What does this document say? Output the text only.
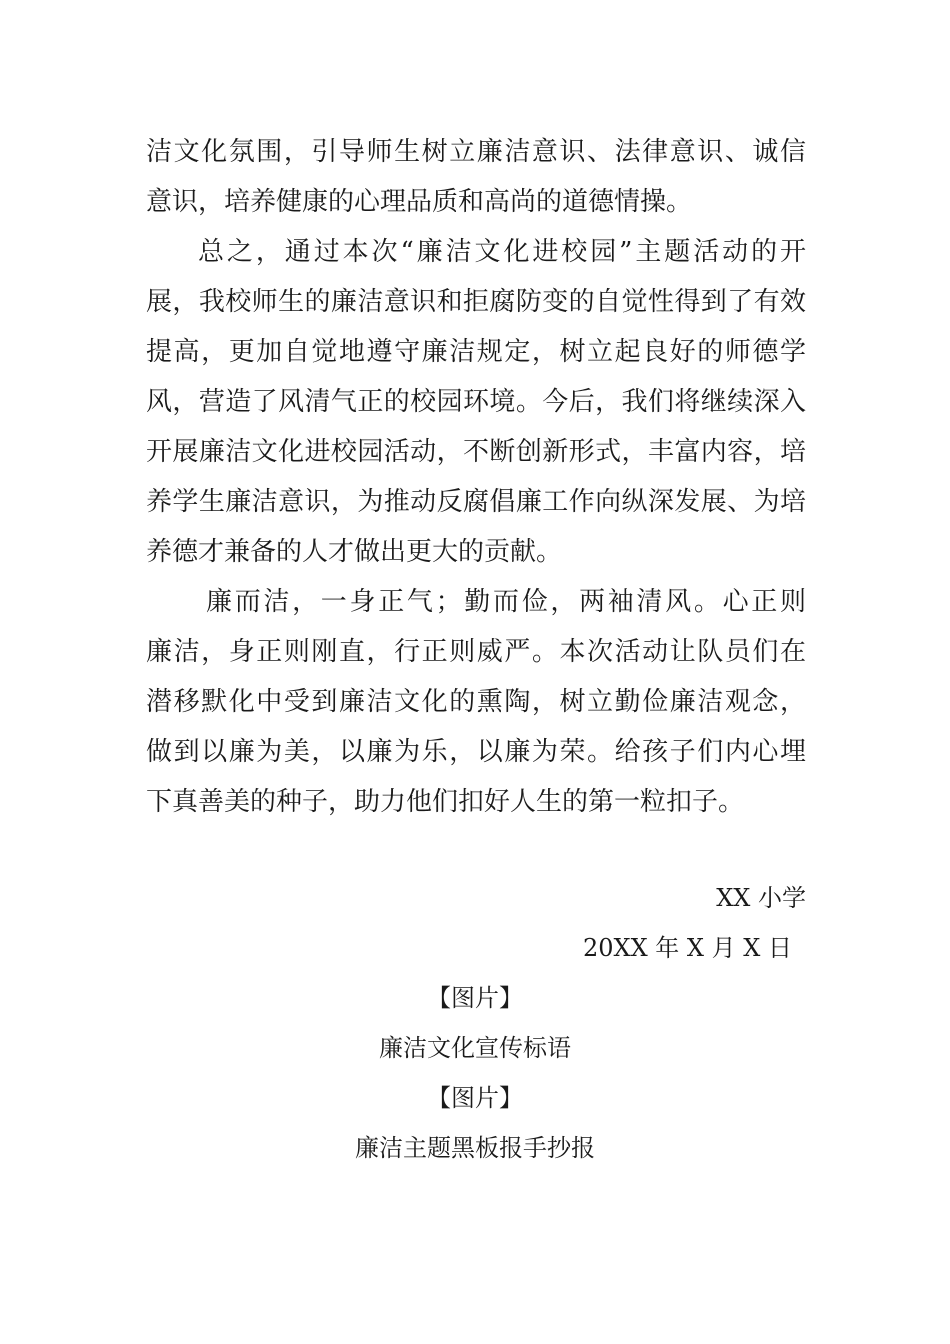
洁文化氛围，引导师生树立廉洁意识、法律意识、诚信
意识，培养健康的心理品质和高尚的道德情操。
总之，通过本次“廉洁文化进校园”主题活动的开
展，我校师生的廉洁意识和拒腐防变的自觉性得到了有效
提高，更加自觉地遵守廉洁规定，树立起良好的师德学
风，营造了风清气正的校园环境。今后，我们将继续深入
开展廉洁文化进校园活动，不断创新形式，丰富内容，培
养学生廉洁意识，为推动反腐倡廉工作向纵深发展、为培
养德才兼备的人才做出更大的贡献。
廉而洁，一身正气；勤而俭，两袖清风。心正则
廉洁，身正则刚直，行正则威严。本次活动让队员们在
潜移默化中受到廉洁文化的熏陶，树立勤俭廉洁观念，
做到以廉为美，以廉为乐，以廉为荣。给孩子们内心埋
下真善美的种子，助力他们扣好人生的第一粒扣子。
XX 小学
20XX 年 X 月 X 日
【图片】
廉洁文化宣传标语
【图片】
廉洁主题黑板报手抄报
